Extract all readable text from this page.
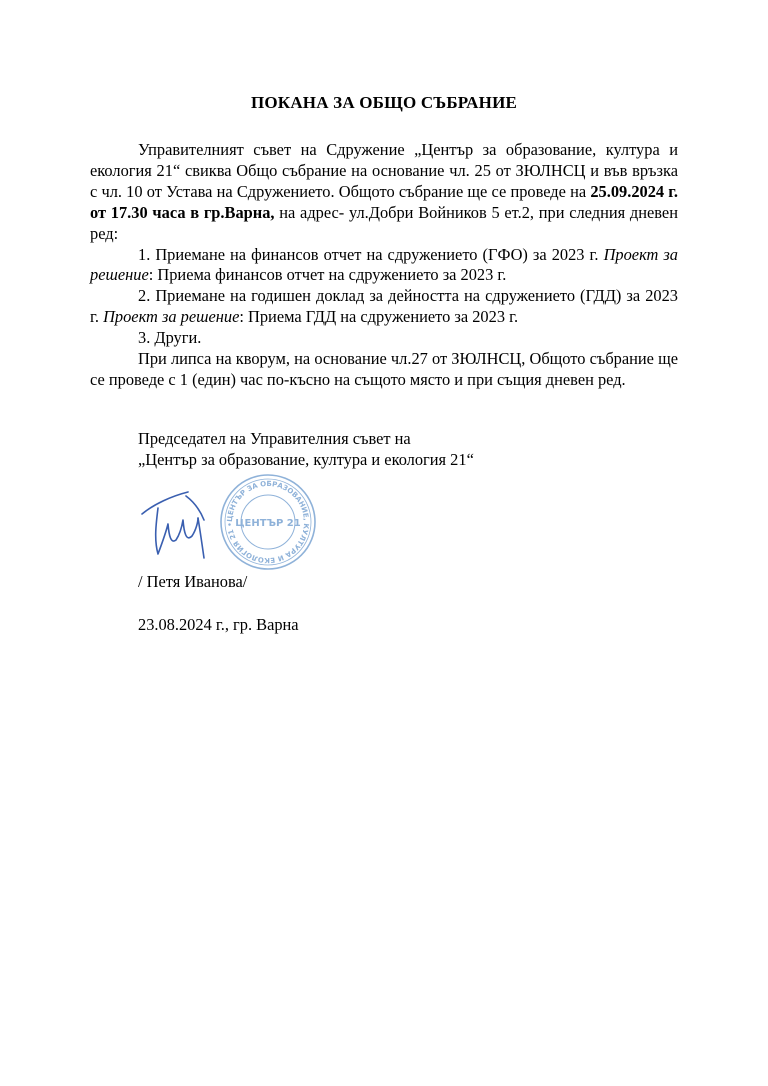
ПОКАНА ЗА ОБЩО СЪБРАНИЕ

Управителният съвет на Сдружение „Център за образование, култура и екология 21“ свиква Общо събрание на основание чл. 25 от ЗЮЛНСЦ и във връзка с чл. 10 от Устава на Сдружението. Общото събрание ще се проведе на 25.09.2024 г. от 17.30 часа в гр.Варна, на адрес- ул.Добри Войников 5 ет.2, при следния дневен ред:

1. Приемане на финансов отчет на сдружението (ГФО) за 2023 г. Проект за решение: Приема финансов отчет на сдружението за 2023 г.

2. Приемане на годишен доклад за дейността на сдружението (ГДД) за 2023 г. Проект за решение: Приема ГДД на сдружението за 2023 г.

3. Други.

При липса на кворум, на основание чл.27 от ЗЮЛНСЦ, Общото събрание ще се проведе с 1 (един) час по-късно на същото място и при същия дневен ред.

Председател на Управителния съвет на
„Център за образование, култура и екология 21“
ЦЕНТЪР ЗА ОБРАЗОВАНИЕ, КУЛТУРА И ЕКОЛОГИЯ 21 • ЦЕНТЪР 21
/ Петя Иванова/
23.08.2024 г., гр. Варна
